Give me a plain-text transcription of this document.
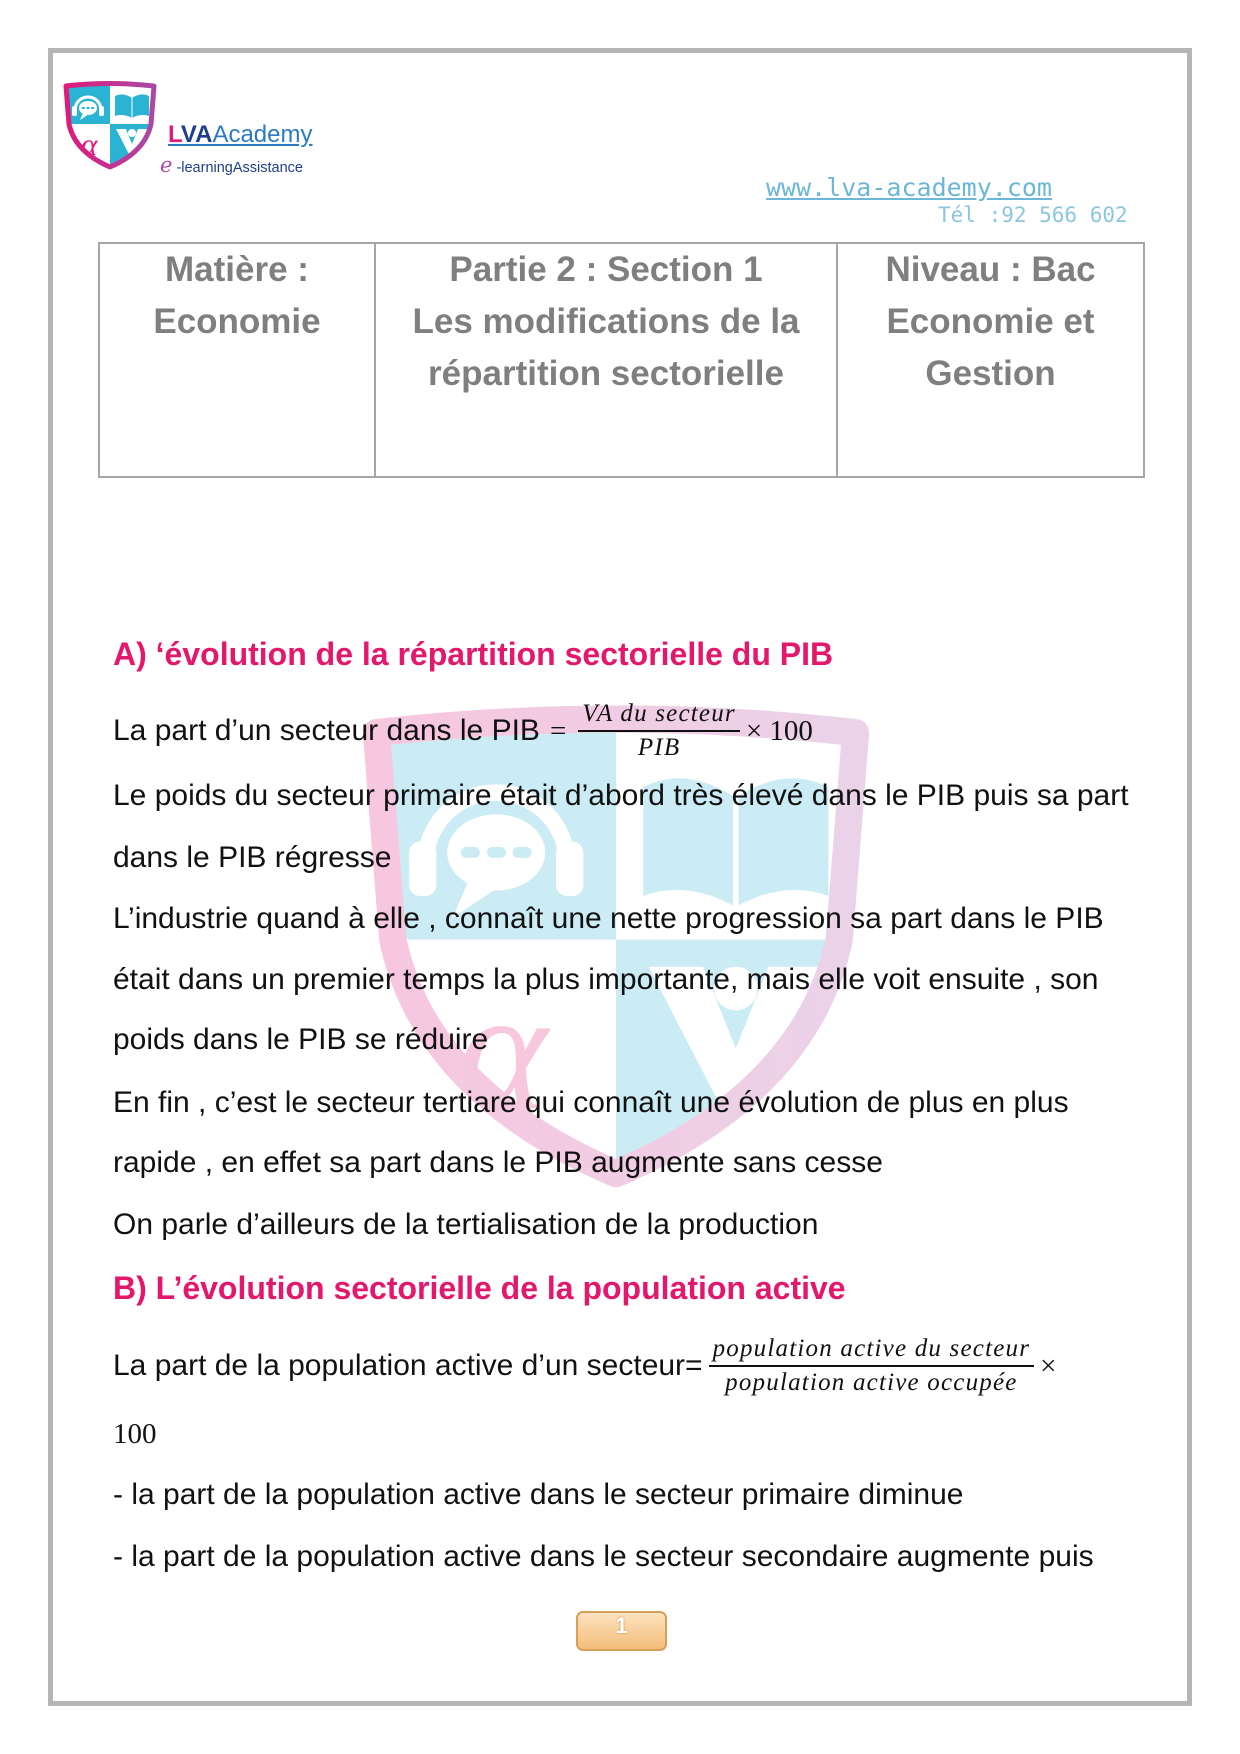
LVAAcademy
e -learningAssistance
www.lva-academy.com
Tél :92 566 602
Matière :
Economie
Partie 2 : Section 1
Les modifications de la
répartition sectorielle
Niveau : Bac
Economie et
Gestion
A) ‘évolution de la répartition sectorielle du PIB
La part d’un secteur dans le PIB = $\frac{\text{VA du secteur}}{\text{PIB}} \times 100$
Le poids du secteur primaire était d’abord très élevé dans le PIB puis sa part
dans le PIB régresse
L’industrie quand à elle , connaît une nette progression sa part dans le PIB
était dans un premier temps la plus importante, mais elle voit ensuite , son
poids dans le PIB se réduire
En fin , c’est le secteur tertiare qui connaît une évolution de plus en plus
rapide , en effet sa part dans le PIB augmente sans cesse
On parle d’ailleurs de la tertialisation de la production
B) L’évolution sectorielle de la population active
La part de la population active d’un secteur= $\frac{\text{population active du secteur}}{\text{population active occupée}}$ ×
100
- la part de la population active dans le secteur primaire diminue
- la part de la population active dans le secteur secondaire augmente puis
1
